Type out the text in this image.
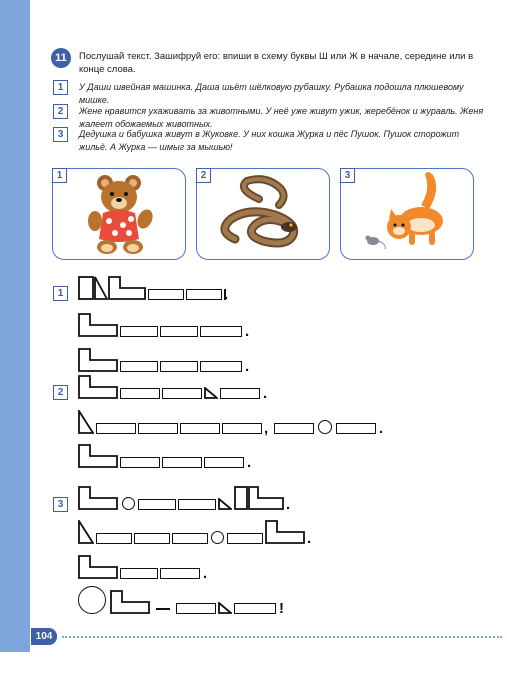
11	Послушай текст. Зашифруй его: впиши в схему буквы Ш или Ж в начале, середине или в конце слова.
1	У Даши швейная машинка. Даша шьёт шёлковую рубашку. Рубашка подошла плюшевому мишке.
2	Жене нравится ухаживать за животными. У неё уже живут ужик, жеребёнок и журавль. Женя жалеет обожаемых животных.
3	Дедушка и бабушка живут в Жуковке. У них кошка Журка и пёс Пушок. Пушок сторожит жильё. А Журка — шмыг за мышью!
1	2	3
1
2
3
.
.
.
.
,	.
.
.
.
.
!
104
